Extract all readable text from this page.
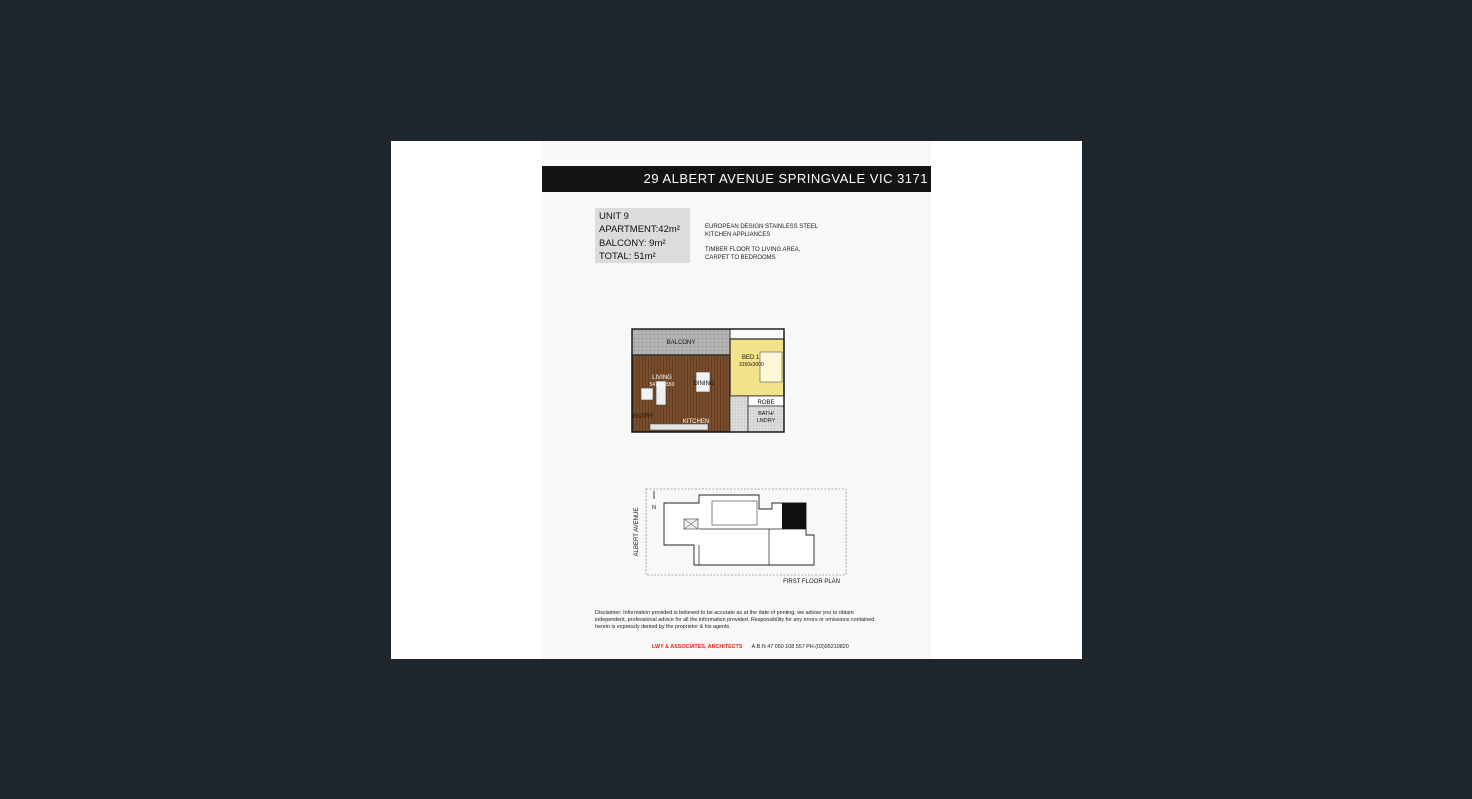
29 ALBERT AVENUE SPRINGVALE VIC 3171
UNIT 9
APARTMENT:42m²
BALCONY: 9m²
TOTAL: 51m²
EUROPEAN DESIGN STAINLESS STEEL
KITCHEN APPLIANCES
TIMBER FLOOR TO LIVING AREA,
CARPET TO BEDROOMS
BALCONY
LIVING
5470x4550	DINING
KITCHEN
BED 1
3150x3000
ROBE
BATH/
LNDRY
ENTRY
N
ALBERT AVENUE
FIRST FLOOR PLAN
Disclaimer: Information provided is believed to be accurate as at the date of printing, we advise you to obtain independent, professional advice for all the information provided. Responsibility for any errors or omissions contained herein is expressly denied by the proprietor & his agents.
LWY & ASSOCIATES, ARCHITECTS A.B.N 47 050 108 557 PH.(03)95210820
